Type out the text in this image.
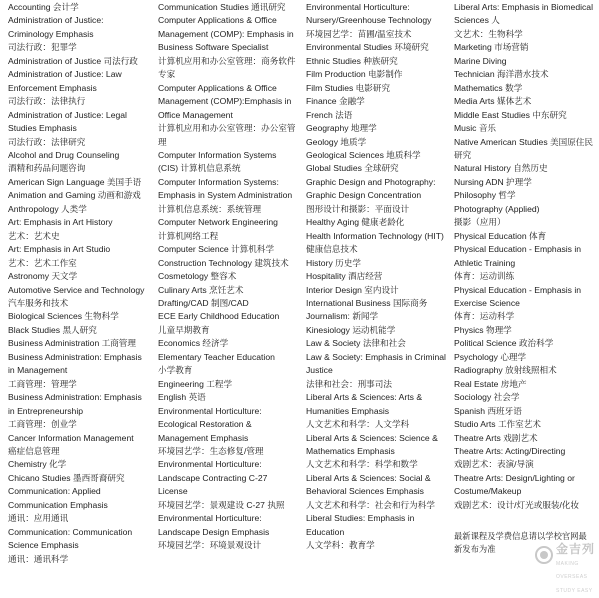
Accounting 会计学
Administration of Justice: Criminology Emphasis
司法行政：犯罪学
Administration of Justice 司法行政
Administration of Justice: Law Enforcement Emphasis
司法行政：法律执行
Administration of Justice: Legal Studies Emphasis
司法行政：法律研究
Alcohol and Drug Counseling
酒精和药品问题咨询
American Sign Language 美国手语
Animation and Gaming 动画和游戏
Anthropology 人类学
Art: Emphasis in Art History
艺术：艺术史
Art: Emphasis in Art Studio
艺术：艺术工作室
Astronomy 天文学
Automotive Service and Technology 汽车服务和技术
Biological Sciences 生物科学
Black Studies 黑人研究
Business Administration 工商管理
Business Administration: Emphasis in Management
工商管理：管理学
Business Administration: Emphasis in Entrepreneurship
工商管理：创业学
Cancer Information Management
癌症信息管理
Chemistry 化学
Chicano Studies 墨西哥裔研究
Communication: Applied Communication Emphasis
通讯：应用通讯
Communication: Communication Science Emphasis
通讯：通讯科学
Communication Studies 通讯研究
Computer Applications & Office Management (COMP): Emphasis in Business Software Specialist
计算机应用和办公室管理：商务软件专家
Computer Applications & Office Management (COMP):Emphasis in Office Management
计算机应用和办公室管理：办公室管理
Computer Information Systems (CIS) 计算机信息系统
Computer Information Systems: Emphasis in System Administration
计算机信息系统：系统管理
Computer Network Engineering
计算机网络工程
Computer Science 计算机科学
Construction Technology 建筑技术
Cosmetology 整容术
Culinary Arts 烹饪艺术
Drafting/CAD 制图/CAD
ECE Early Childhood Education
儿童早期教育
Economics 经济学
Elementary Teacher Education
小学教育
Engineering 工程学
English 英语
Environmental Horticulture: Ecological Restoration & Management Emphasis
环境园艺学：生态修复/管理
Environmental Horticulture: Landscape Contracting C-27 License
环境园艺学：景观建设 C-27 执照
Environmental Horticulture: Landscape Design Emphasis
环境园艺学：环境景观设计
Environmental Horticulture: Nursery/Greenhouse Technology
环境园艺学：苗圃/温室技术
Environmental Studies 环境研究
Ethnic Studies 种族研究
Film Production 电影制作
Film Studies 电影研究
Finance 金融学
French 法语
Geography 地理学
Geology 地质学
Geological Sciences 地质科学
Global Studies 全球研究
Graphic Design and Photography: Graphic Design Concentration
图形设计和摄影：平面设计
Healthy Aging 健康老龄化
Health Information Technology (HIT) 健康信息技术
History 历史学
Hospitality 酒店经营
Interior Design 室内设计
International Business 国际商务
Journalism: 新闻学
Kinesiology 运动机能学
Law & Society 法律和社会
Law & Society: Emphasis in Criminal Justice
法律和社会：刑事司法
Liberal Arts & Sciences: Arts & Humanities Emphasis
人文艺术和科学：人文学科
Liberal Arts & Sciences: Science & Mathematics Emphasis
人文艺术和科学：科学和数学
Liberal Arts & Sciences: Social & Behavioral Sciences Emphasis
人文艺术和科学：社会和行为科学
Liberal Studies: Emphasis in Education
人文学科：教育学
Liberal Arts: Emphasis in Biomedical Sciences 人
文艺术：生物科学
Marketing 市场营销
Marine Diving
Technician 海洋潜水技术
Mathematics 数学
Media Arts 媒体艺术
Middle East Studies 中东研究
Music 音乐
Native American Studies 美国原住民研究
Natural History 自然历史
Nursing ADN 护理学
Philosophy 哲学
Photography (Applied)
摄影（应用）
Physical Education 体育
Physical Education - Emphasis in Athletic Training
体育：运动训练
Physical Education - Emphasis in Exercise Science
体育：运动科学
Physics 物理学
Political Science 政治科学
Psychology 心理学
Radiography 放射线照相术
Real Estate 房地产
Sociology 社会学
Spanish 西班牙语
Studio Arts 工作室艺术
Theatre Arts 戏剧艺术
Theatre Arts: Acting/Directing
戏剧艺术：表演/导演
Theatre Arts: Design/Lighting or Costume/Makeup
戏剧艺术：设计/灯光或服装/化妆
最新课程及学费信息请以学校官网最新发布为准	金吉列
MAKING OVERSEAS STUDY EASY
